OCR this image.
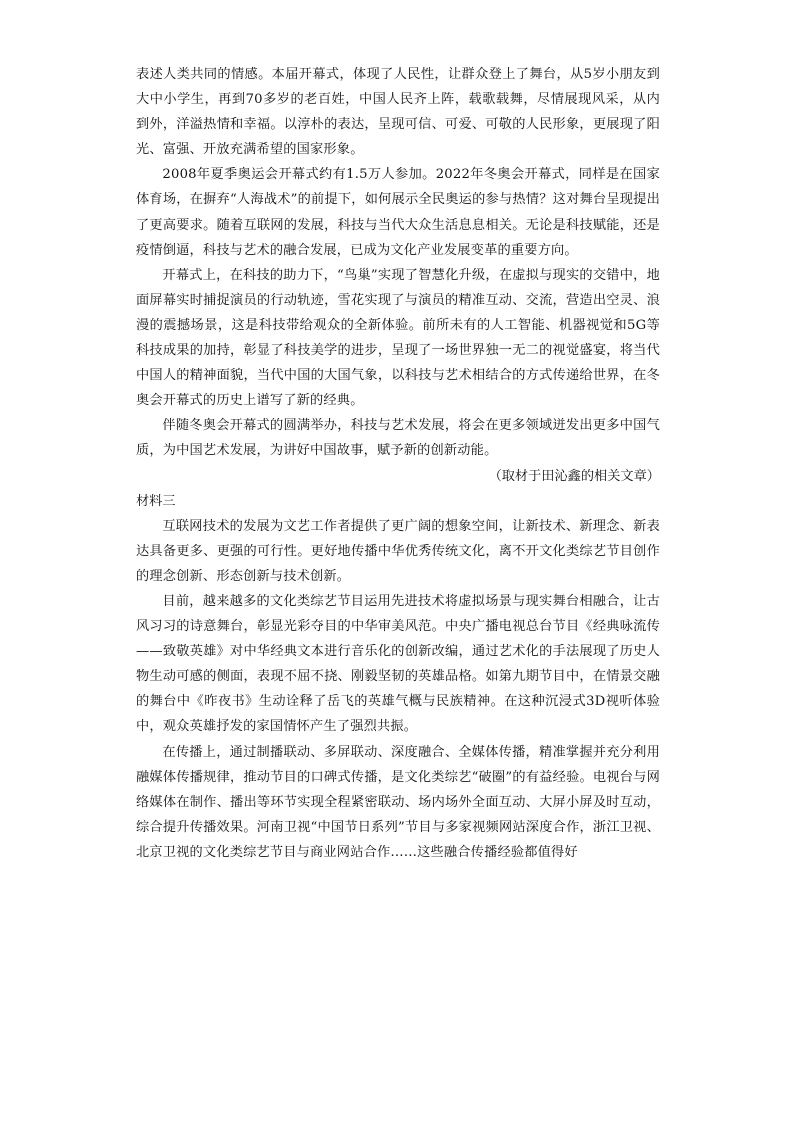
表述人类共同的情感。本届开幕式，体现了人民性，让群众登上了舞台，从5岁小朋友到大中小学生，再到70多岁的老百姓，中国人民齐上阵，载歌载舞，尽情展现风采，从内到外，洋溢热情和幸福。以淳朴的表达，呈现可信、可爱、可敬的人民形象，更展现了阳光、富强、开放充满希望的国家形象。

2008年夏季奥运会开幕式约有1.5万人参加。2022年冬奥会开幕式，同样是在国家体育场，在摒弃“人海战术”的前提下，如何展示全民奥运的参与热情？这对舞台呈现提出了更高要求。随着互联网的发展，科技与当代大众生活息息相关。无论是科技赋能，还是疫情倒逼，科技与艺术的融合发展，已成为文化产业发展变革的重要方向。

开幕式上，在科技的助力下，“鸟巢”实现了智慧化升级，在虚拟与现实的交错中，地面屏幕实时捕捉演员的行动轨迹，雪花实现了与演员的精准互动、交流，营造出空灵、浪漫的震撼场景，这是科技带给观众的全新体验。前所未有的人工智能、机器视觉和5G等科技成果的加持，彰显了科技美学的进步，呈现了一场世界独一无二的视觉盛宴，将当代中国人的精神面貌，当代中国的大国气象，以科技与艺术相结合的方式传递给世界，在冬奥会开幕式的历史上谱写了新的经典。

伴随冬奥会开幕式的圆满举办，科技与艺术发展，将会在更多领域迸发出更多中国气质，为中国艺术发展，为讲好中国故事，赋予新的创新动能。

（取材于田沁鑫的相关文章）

材料三

互联网技术的发展为文艺工作者提供了更广阔的想象空间，让新技术、新理念、新表达具备更多、更强的可行性。更好地传播中华优秀传统文化，离不开文化类综艺节目创作的理念创新、形态创新与技术创新。

目前，越来越多的文化类综艺节目运用先进技术将虚拟场景与现实舞台相融合，让古风习习的诗意舞台，彰显光彩夺目的中华审美风范。中央广播电视总台节目《经典咏流传——致敬英雄》对中华经典文本进行音乐化的创新改编，通过艺术化的手法展现了历史人物生动可感的侧面，表现不屈不挠、刚毅坚韧的英雄品格。如第九期节目中，在情景交融的舞台中《昨夜书》生动诠释了岳飞的英雄气概与民族精神。在这种沉浸式3D视听体验中，观众英雄抒发的家国情怀产生了强烈共振。

在传播上，通过制播联动、多屏联动、深度融合、全媒体传播，精准掌握并充分利用融媒体传播规律，推动节目的口碑式传播，是文化类综艺“破圈”的有益经验。电视台与网络媒体在制作、播出等环节实现全程紧密联动、场内场外全面互动、大屏小屏及时互动，综合提升传播效果。河南卫视“中国节日系列”节目与多家视频网站深度合作，浙江卫视、北京卫视的文化类综艺节目与商业网站合作……这些融合传播经验都值得好
